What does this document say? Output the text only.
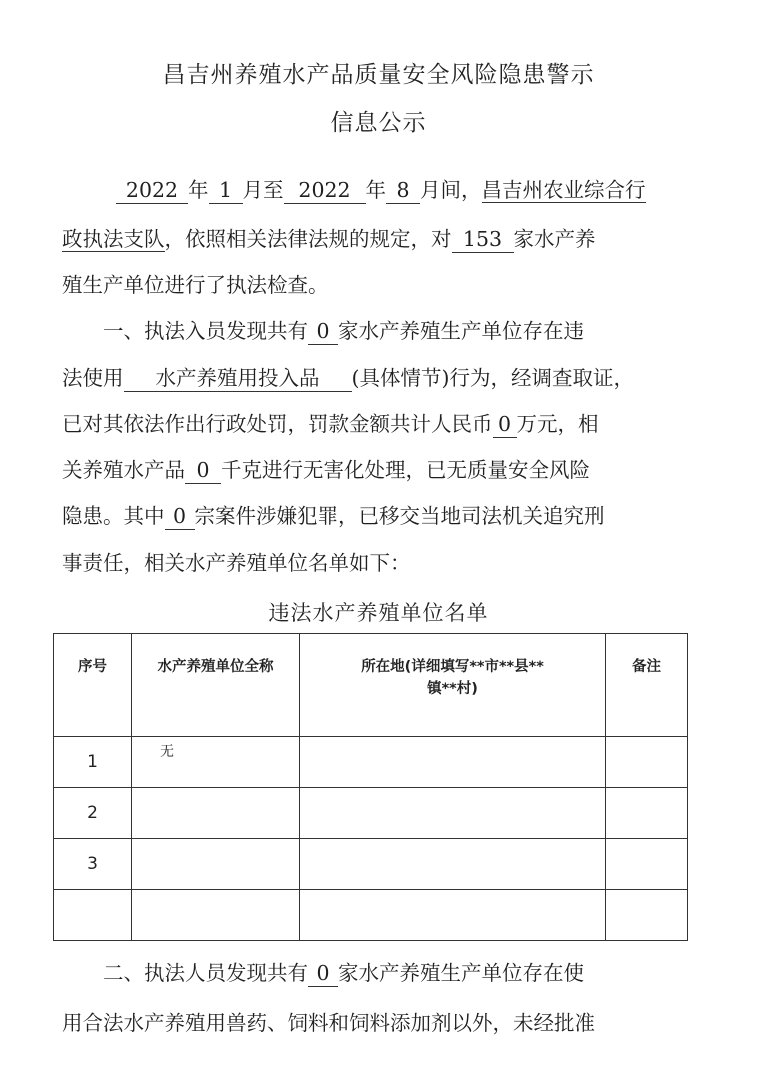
昌吉州养殖水产品质量安全风险隐患警示
信息公示
2022 年 1 月至 2022 年 8 月间，昌吉州农业综合行
政执法支队，依照相关法律法规的规定，对 153 家水产养
殖生产单位进行了执法检查。
一、执法入员发现共有 0 家水产养殖生产单位存在违
法使用 水产养殖用投入品 (具体情节)行为，经调查取证，
已对其依法作出行政处罚，罚款金额共计人民币 0 万元，相
关养殖水产品 0 千克进行无害化处理，已无质量安全风险
隐患。其中 0 宗案件涉嫌犯罪，已移交当地司法机关追究刑
事责任，相关水产养殖单位名单如下：
违法水产养殖单位名单
序号	水产养殖单位全称	所在地(详细填写**市**县**镇**村)	备注
1	无		
2			
3			

二、执法人员发现共有 0 家水产养殖生产单位存在使
用合法水产养殖用兽药、饲料和饲料添加剂以外，未经批准
